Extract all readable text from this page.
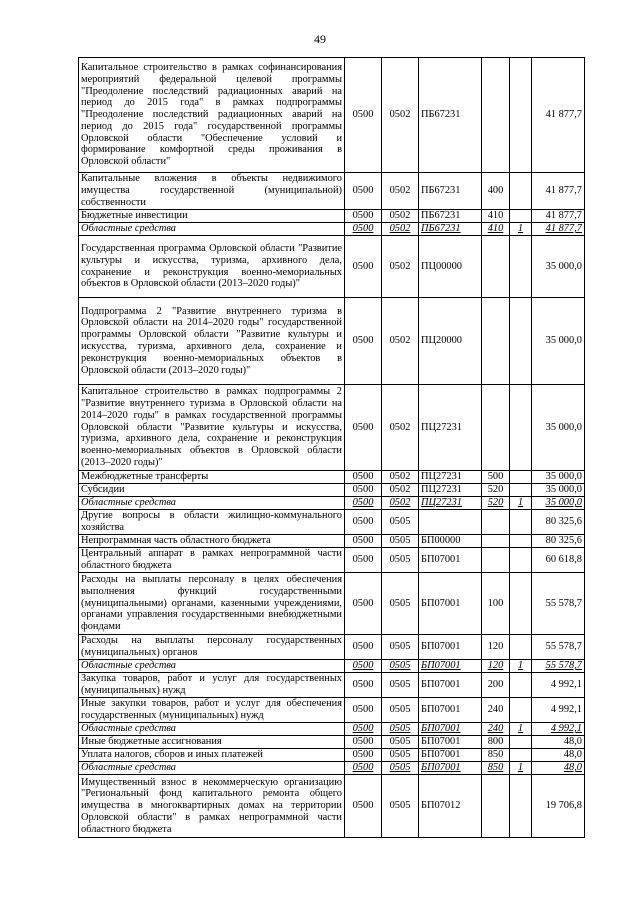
49
Капитальное строительство в рамках софинансирования мероприятий федеральной целевой программы "Преодоление последствий радиационных аварий на период до 2015 года" в рамках подпрограммы "Преодоление последствий радиационных аварий на период до 2015 года" государственной программы Орловской области "Обеспечение условий и формирование комфортной среды проживания в Орловской области"	0500	0502	ПБ67231			41 877,7
Капитальные вложения в объекты недвижимого имущества государственной (муниципальной) собственности	0500	0502	ПБ67231	400		41 877,7
Бюджетные инвестиции	0500	0502	ПБ67231	410		41 877,7
Областные средства	0500	0502	ПБ67231	410	1	41 877,7
Государственная программа Орловской области "Развитие культуры и искусства, туризма, архивного дела, сохранение и реконструкция военно-мемориальных объектов в Орловской области (2013–2020 годы)"	0500	0502	ПЦ00000			35 000,0
Подпрограмма 2 "Развитие внутреннего туризма в Орловской области на 2014–2020 годы" государственной программы Орловской области "Развитие культуры и искусства, туризма, архивного дела, сохранение и реконструкция военно-мемориальных объектов в Орловской области (2013–2020 годы)"	0500	0502	ПЦ20000			35 000,0
Капитальное строительство в рамках подпрограммы 2 "Развитие внутреннего туризма в Орловской области на 2014–2020 годы" в рамках государственной программы Орловской области "Развитие культуры и искусства, туризма, архивного дела, сохранение и реконструкция военно-мемориальных объектов в Орловской области (2013–2020 годы)"	0500	0502	ПЦ27231			35 000,0
Межбюджетные трансферты	0500	0502	ПЦ27231	500		35 000,0
Субсидии	0500	0502	ПЦ27231	520		35 000,0
Областные средства	0500	0502	ПЦ27231	520	1	35 000,0
Другие вопросы в области жилищно-коммунального хозяйства	0500	0505				80 325,6
Непрограммная часть областного бюджета	0500	0505	БП00000			80 325,6
Центральный аппарат в рамках непрограммной части областного бюджета	0500	0505	БП07001			60 618,8
Расходы на выплаты персоналу в целях обеспечения выполнения функций государственными (муниципальными) органами, казенными учреждениями, органами управления государственными внебюджетными фондами	0500	0505	БП07001	100		55 578,7
Расходы на выплаты персоналу государственных (муниципальных) органов	0500	0505	БП07001	120		55 578,7
Областные средства	0500	0505	БП07001	120	1	55 578,7
Закупка товаров, работ и услуг для государственных (муниципальных) нужд	0500	0505	БП07001	200		4 992,1
Иные закупки товаров, работ и услуг для обеспечения государственных (муниципальных) нужд	0500	0505	БП07001	240		4 992,1
Областные средства	0500	0505	БП07001	240	1	4 992,1
Иные бюджетные ассигнования	0500	0505	БП07001	800		48,0
Уплата налогов, сборов и иных платежей	0500	0505	БП07001	850		48,0
Областные средства	0500	0505	БП07001	850	1	48,0
Имущественный взнос в некоммерческую организацию "Региональный фонд капитального ремонта общего имущества в многоквартирных домах на территории Орловской области" в рамках непрограммной части областного бюджета	0500	0505	БП07012			19 706,8
